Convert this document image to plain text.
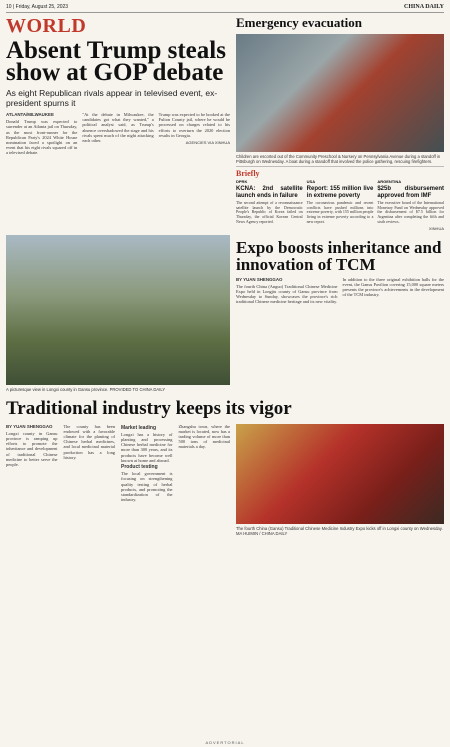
10 | Friday, August 25, 2023	CHINA DAILY
WORLD
Absent Trump steals show at GOP debate
As eight Republican rivals appear in televised event, ex-president spurns it

ATLANTA/MILWAUKEE

Donald Trump was expected to surrender at an Atlanta jail on Thursday, as the most front-runner for the Republican Party's 2024 White House nomination faced a spotlight on an event that his eight rivals squared off in a televised debate.

"At the debate in Milwaukee, the candidates got what they wanted," a political analyst said, as Trump's absence overshadowed the stage and his rivals spent much of the night attacking each other.

Trump was expected to be booked at the Fulton County jail, where he would be processed on charges related to his efforts to overturn the 2020 election results in Georgia.

AGENCIES VIA XINHUA
Emergency evacuation
Children are escorted out of the Community Preschool & Nursery on Pennsylvania Avenue during a standoff in Pittsburgh on Wednesday. A boat during a standoff that involved the police gathering, rescuing firefighters.
Briefly
DPRK
KCNA: 2nd satellite launch ends in failure
The second attempt of a reconnaissance satellite launch by the Democratic People's Republic of Korea failed on Thursday, the official Korean Central News Agency reported.
USA
Report: 155 million live in extreme poverty
The coronavirus pandemic and recent conflicts have pushed millions into extreme poverty, with 155 million people living in extreme poverty according to a new report.
ARGENTINA
$25b disbursement approved from IMF
The executive board of the International Monetary Fund on Wednesday approved the disbursement of $7.5 billion for Argentina after completing the fifth and sixth reviews.
XINHUA
A picturesque view in Longxi county in Gansu province. PROVIDED TO CHINA DAILY
Expo boosts inheritance and innovation of TCM

BY YUAN SHENGGAO

The fourth China (Anguo) Traditional Chinese Medicine Expo held in Longjiu county of Gansu province from Wednesday to Sunday, showcases the province's rich traditional Chinese medicine heritage and its new vitality.

In addition to the three original exhibition halls for the event, the Gansu Pavilion covering 15,000 square meters presents the province's achievements in the development of the TCM industry.

Traditional industry keeps its vigor

BY YUAN SHENGGAO

Longxi county in Gansu province is ramping up efforts to promote the inheritance and development of traditional Chinese medicine to better serve the people.

The county has been endowed with a favorable climate for the planting of Chinese herbal medicines, and local medicinal material production has a long history.

Market leading

Longxi has a history of planting and processing Chinese herbal medicine for more than 300 years, and its products have become well known at home and abroad.

Product testing

The local government is focusing on strengthening quality testing of herbal products, and promoting the standardization of the industry.

Zhangshu town, where the market is located, now has a trading volume of more than 500 tons of medicinal materials a day.

The fourth China (Gansu) Traditional Chinese Medicine Industry Expo kicks off in Longxi county on Wednesday. MA HUIMIN / CHINA DAILY
ADVERTORIAL
